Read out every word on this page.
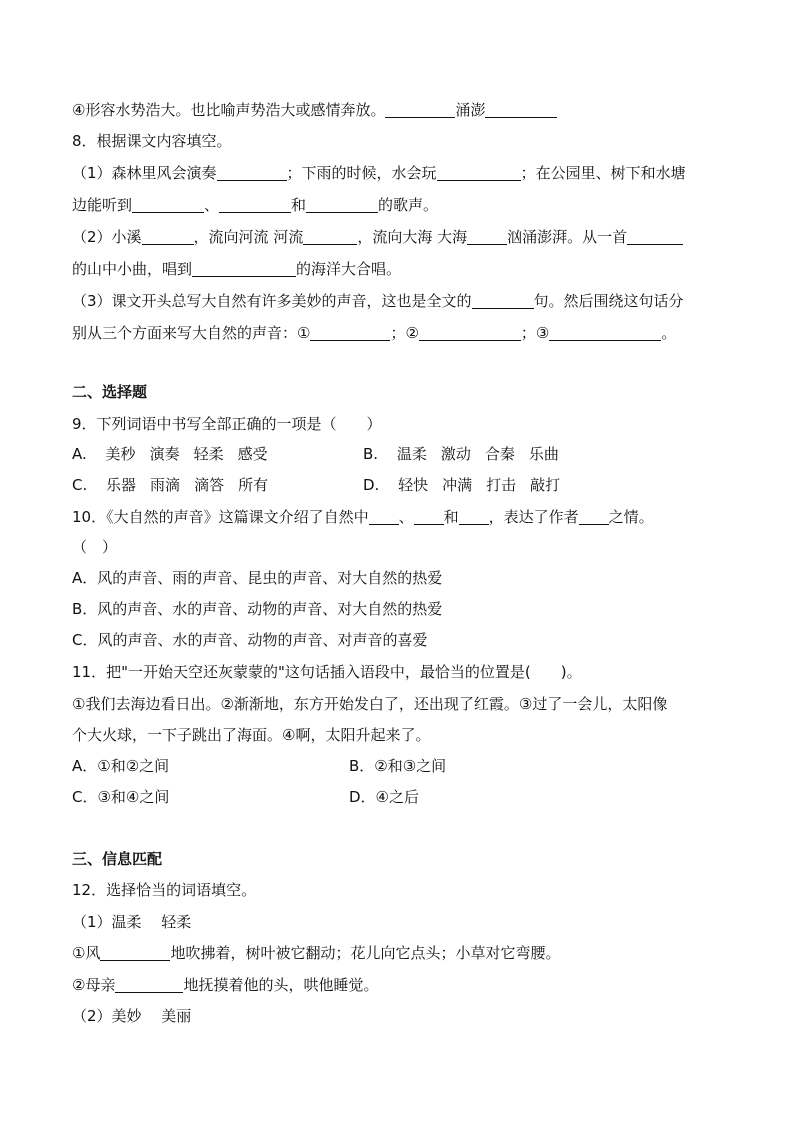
④形容水势浩大。也比喻声势浩大或感情奔放。	涌澎
8．根据课文内容填空。
（1）森林里风会演奏	；下雨的时候，水会玩	；在公园里、树下和水塘
边能听到	、	和	的歌声。
（2）小溪	，流向河流 河流	，流向大海 大海	汹涌澎湃。从一首
的山中小曲，唱到	的海洋大合唱。
（3）课文开头总写大自然有许多美妙的声音，这也是全文的	句。然后围绕这句话分
别从三个方面来写大自然的声音：①	；②	；③	。
二、选择题
9．下列词语中书写全部正确的一项是（　　）
A. 美秒 演奏 轻柔 感受	B. 温柔 激动 合秦 乐曲
C. 乐器 雨滴 滴答 所有	D. 轻快 冲满 打击 敲打
10．《大自然的声音》这篇课文介绍了自然中 、 和 ，表达了作者 之情。
（　）
A．风的声音、雨的声音、昆虫的声音、对大自然的热爱
B．风的声音、水的声音、动物的声音、对大自然的热爱
C．风的声音、水的声音、动物的声音、对声音的喜爱
11．把"一开始天空还灰蒙蒙的"这句话插入语段中，最恰当的位置是(　　)。
①我们去海边看日出。②渐渐地，东方开始发白了，还出现了红霞。③过了一会儿，太阳像
个大火球，一下子跳出了海面。④啊，太阳升起来了。
A．①和②之间	B．②和③之间
C．③和④之间	D．④之后
三、信息匹配
12．选择恰当的词语填空。
（1）温柔　 轻柔
①风	地吹拂着，树叶被它翻动；花儿向它点头；小草对它弯腰。
②母亲	地抚摸着他的头，哄他睡觉。
（2）美妙　 美丽
